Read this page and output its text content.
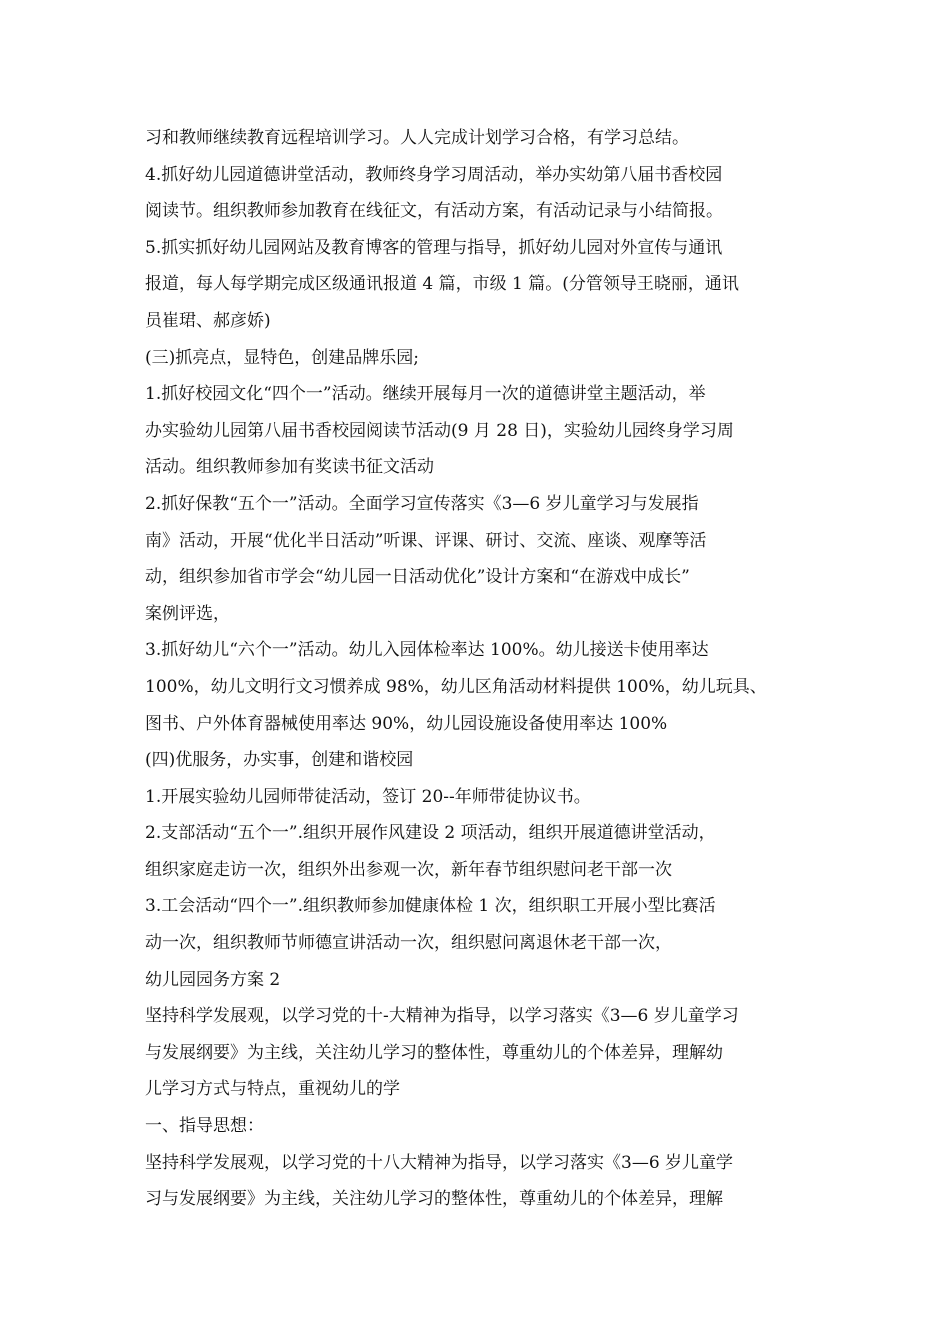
习和教师继续教育远程培训学习。人人完成计划学习合格，有学习总结。
4.抓好幼儿园道德讲堂活动，教师终身学习周活动，举办实幼第八届书香校园
阅读节。组织教师参加教育在线征文，有活动方案，有活动记录与小结简报。
5.抓实抓好幼儿园网站及教育博客的管理与指导，抓好幼儿园对外宣传与通讯
报道，每人每学期完成区级通讯报道 4 篇，市级 1 篇。(分管领导王晓丽，通讯
员崔珺、郝彦娇)
(三)抓亮点，显特色，创建品牌乐园;
1.抓好校园文化“四个一”活动。继续开展每月一次的道德讲堂主题活动，举
办实验幼儿园第八届书香校园阅读节活动(9 月 28 日)，实验幼儿园终身学习周
活动。组织教师参加有奖读书征文活动
2.抓好保教“五个一”活动。全面学习宣传落实《3—6 岁儿童学习与发展指
南》活动，开展“优化半日活动”听课、评课、研讨、交流、座谈、观摩等活
动，组织参加省市学会“幼儿园一日活动优化”设计方案和“在游戏中成长”
案例评选，
3.抓好幼儿“六个一”活动。幼儿入园体检率达 100%。幼儿接送卡使用率达
100%，幼儿文明行文习惯养成 98%，幼儿区角活动材料提供 100%，幼儿玩具、
图书、户外体育器械使用率达 90%，幼儿园设施设备使用率达 100%
(四)优服务，办实事，创建和谐校园
1.开展实验幼儿园师带徒活动，签订 20--年师带徒协议书。
2.支部活动“五个一”.组织开展作风建设 2 项活动，组织开展道德讲堂活动，
组织家庭走访一次，组织外出参观一次，新年春节组织慰问老干部一次
3.工会活动“四个一”.组织教师参加健康体检 1 次，组织职工开展小型比赛活
动一次，组织教师节师德宣讲活动一次，组织慰问离退休老干部一次，
幼儿园园务方案 2
坚持科学发展观，以学习党的十-大精神为指导，以学习落实《3—6 岁儿童学习
与发展纲要》为主线，关注幼儿学习的整体性，尊重幼儿的个体差异，理解幼
儿学习方式与特点，重视幼儿的学
一、指导思想：
坚持科学发展观，以学习党的十八大精神为指导，以学习落实《3—6 岁儿童学
习与发展纲要》为主线，关注幼儿学习的整体性，尊重幼儿的个体差异，理解
